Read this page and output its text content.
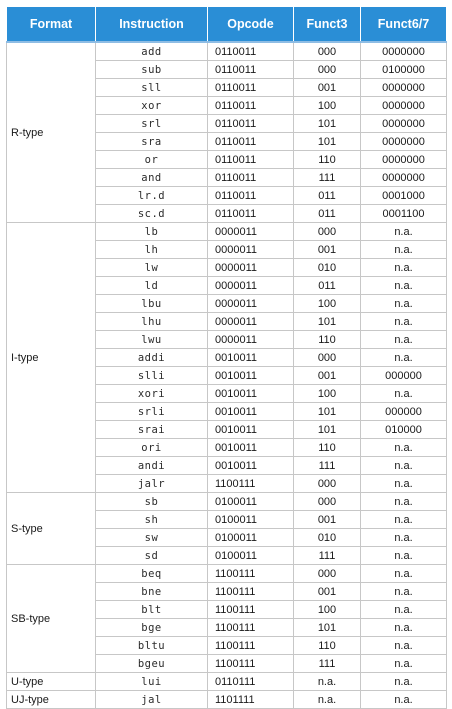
Format	Instruction	Opcode	Funct3	Funct6/7
R-type	add	0110011	000	0000000
	sub	0110011	000	0100000
	sll	0110011	001	0000000
	xor	0110011	100	0000000
	srl	0110011	101	0000000
	sra	0110011	101	0000000
	or	0110011	110	0000000
	and	0110011	111	0000000
	lr.d	0110011	011	0001000
	sc.d	0110011	011	0001100
I-type	lb	0000011	000	n.a.
	lh	0000011	001	n.a.
	lw	0000011	010	n.a.
	ld	0000011	011	n.a.
	lbu	0000011	100	n.a.
	lhu	0000011	101	n.a.
	lwu	0000011	110	n.a.
	addi	0010011	000	n.a.
	slli	0010011	001	000000
	xori	0010011	100	n.a.
	srli	0010011	101	000000
	srai	0010011	101	010000
	ori	0010011	110	n.a.
	andi	0010011	111	n.a.
	jalr	1100111	000	n.a.
S-type	sb	0100011	000	n.a.
	sh	0100011	001	n.a.
	sw	0100011	010	n.a.
	sd	0100011	111	n.a.
SB-type	beq	1100111	000	n.a.
	bne	1100111	001	n.a.
	blt	1100111	100	n.a.
	bge	1100111	101	n.a.
	bltu	1100111	110	n.a.
	bgeu	1100111	111	n.a.
U-type	lui	0110111	n.a.	n.a.
UJ-type	jal	1101111	n.a.	n.a.
